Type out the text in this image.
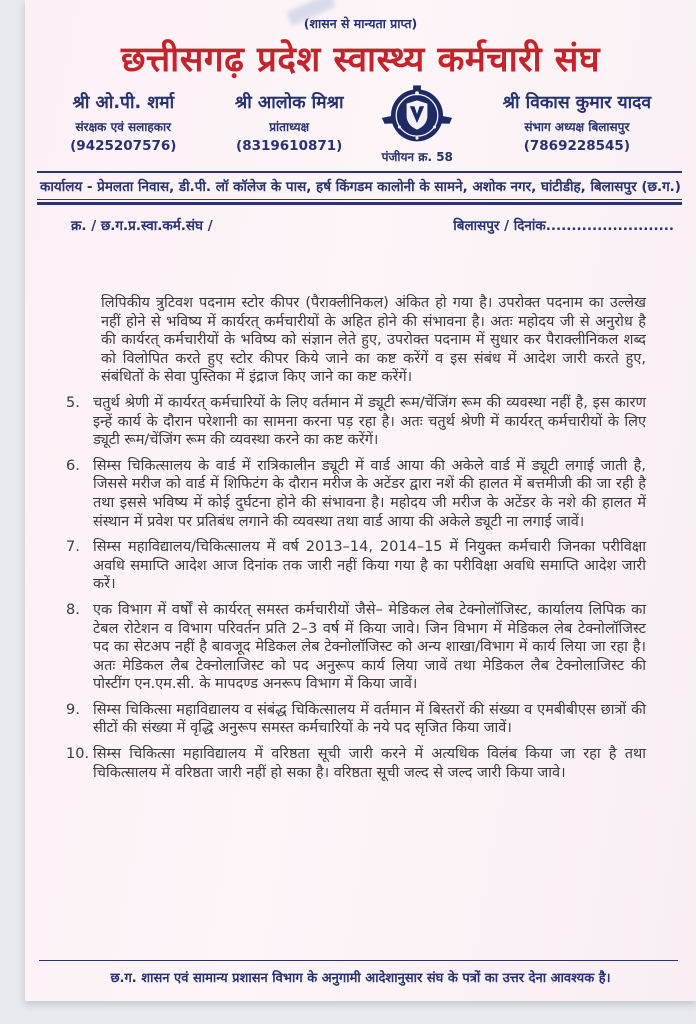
(शासन से मान्यता प्राप्त)
छत्तीसगढ़ प्रदेश स्वास्थ्य कर्मचारी संघ
श्री ओ.पी. शर्मा
संरक्षक एवं सलाहकार
(9425207576)
श्री आलोक मिश्रा
प्रांताध्यक्ष
(8319610871)
पंजीयन क्र. 58
श्री विकास कुमार यादव
संभाग अध्यक्ष बिलासपुर
(7869228545)
कार्यालय - प्रेमलता निवास, डी.पी. लॉ कॉलेज के पास, हर्ष किंगडम कालोनी के सामने, अशोक नगर, घांटीडीह, बिलासपुर (छ.ग.)
क्र. / छ.ग.प्र.स्वा.कर्म.संघ /	बिलासपुर / दिनांक.........................

लिपिकीय त्रुटिवश पदनाम स्टोर कीपर (पैराक्लीनिकल) अंकित हो गया है। उपरोक्त पदनाम का उल्लेख नहीं होने से भविष्य में कार्यरत् कर्मचारीयों के अहित होने की संभावना है। अतः महोदय जी से अनुरोध है की कार्यरत् कर्मचारीयों के भविष्य को संज्ञान लेते हुए, उपरोक्त पदनाम में सुधार कर पैराक्लीनिकल शब्द को विलोपित करते हुए स्टोर कीपर किये जाने का कष्ट करेंगें व इस संबंध में आदेश जारी करते हुए, संबंधितों के सेवा पुस्तिका में इंद्राज किए जाने का कष्ट करेंगें।

5. चतुर्थ श्रेणी में कार्यरत् कर्मचारियों के लिए वर्तमान में ड्यूटी रूम/चेंजिंग रूम की व्यवस्था नहीं है, इस कारण इन्हें कार्य के दौरान परेशानी का सामना करना पड़ रहा है। अतः चतुर्थ श्रेणी में कार्यरत् कर्मचारीयों के लिए ड्यूटी रूम/चेंजिंग रूम की व्यवस्था करने का कष्ट करेंगें।
6. सिम्स चिकित्सालय के वार्ड में रात्रिकालीन ड्यूटी में वार्ड आया की अकेले वार्ड में ड्यूटी लगाई जाती है, जिससे मरीज को वार्ड में शिफिटंग के दौरान मरीज के अटेंडर द्वारा नशें की हालत में बत्तमीजी की जा रही है तथा इससे भविष्य में कोई दुर्घटना होने की संभावना है। महोदय जी मरीज के अटेंडर के नशे की हालत में संस्थान में प्रवेश पर प्रतिबंध लगाने की व्यवस्था तथा वार्ड आया की अकेले ड्यूटी ना लगाई जावें।
7. सिम्स महाविद्यालय/चिकित्सालय में वर्ष 2013–14, 2014–15 में नियुक्त कर्मचारी जिनका परीविक्षा अवधि समाप्ति आदेश आज दिनांक तक जारी नहीं किया गया है का परीविक्षा अवधि समाप्ति आदेश जारी करें।
8. एक विभाग में वर्षों से कार्यरत् समस्त कर्मचारीयों जैसे– मेडिकल लेब टेक्नोलॉजिस्ट, कार्यालय लिपिक का टेबल रोटेशन व विभाग परिवर्तन प्रति 2–3 वर्ष में किया जावे। जिन विभाग में मेडिकल लेब टेक्नोलॉजिस्ट पद का सेटअप नहीं है बावजूद मेडिकल लेब टेक्नोलॉजिस्ट को अन्य शाखा/विभाग में कार्य लिया जा रहा है। अतः मेडिकल लैब टेक्नोलाजिस्ट को पद अनुरूप कार्य लिया जावें तथा मेडिकल लैब टेक्नोलाजिस्ट की पोस्टींग एन.एम.सी. के मापदण्ड अनरूप विभाग में किया जावें।
9. सिम्स चिकित्सा महाविद्यालय व संबंद्ध चिकित्सालय में वर्तमान में बिस्तरों की संख्या व एमबीबीएस छात्रों की सीटों की संख्या में वृद्धि अनुरूप समस्त कर्मचारियों के नये पद सृजित किया जावें।
10. सिम्स चिकित्सा महाविद्यालय में वरिष्ठता सूची जारी करने में अत्यधिक विलंब किया जा रहा है तथा चिकित्सालय में वरिष्ठता जारी नहीं हो सका है। वरिष्ठता सूची जल्द से जल्द जारी किया जावे।
छ.ग. शासन एवं सामान्य प्रशासन विभाग के अनुगामी आदेशानुसार संघ के पत्रों का उत्तर देना आवश्यक है।
